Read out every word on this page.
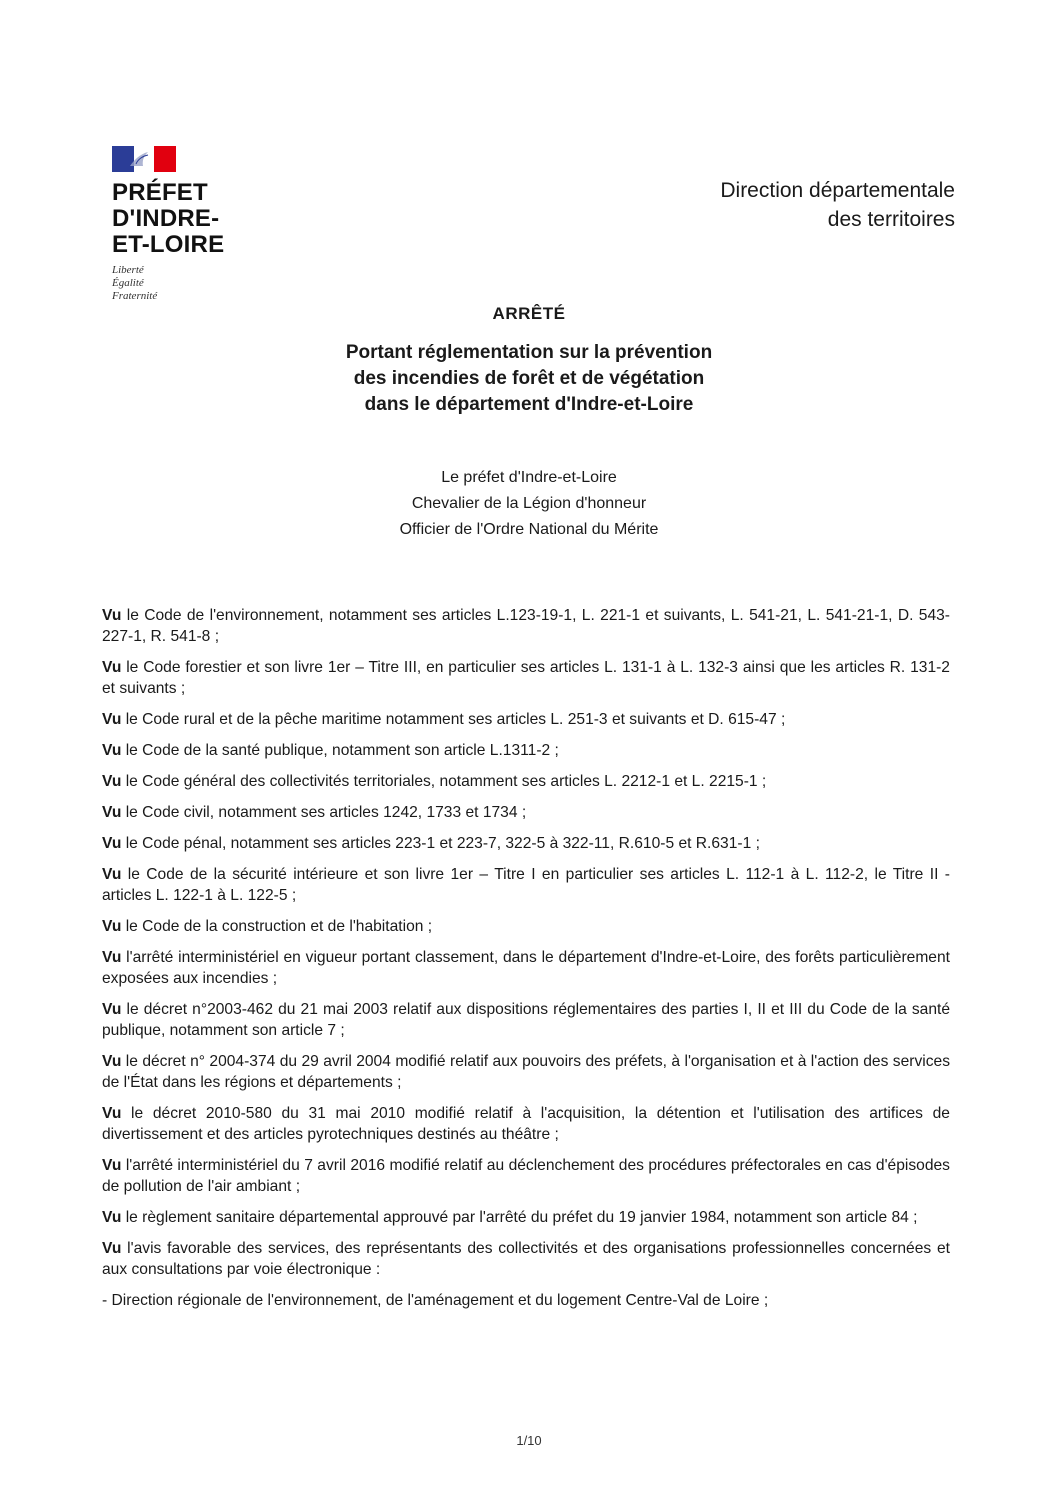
PRÉFET
D'INDRE-
ET-LOIRE
Liberté
Égalité
Fraternité
Direction départementale
des territoires
ARRÊTÉ
Portant réglementation sur la prévention
des incendies de forêt et de végétation
dans le département d'Indre-et-Loire
Le préfet d'Indre-et-Loire
Chevalier de la Légion d'honneur
Officier de l'Ordre National du Mérite

Vu le Code de l'environnement, notamment ses articles L.123-19-1, L. 221-1 et suivants, L. 541-21, L. 541-21-1, D. 543-227-1, R. 541-8 ;

Vu le Code forestier et son livre 1er – Titre III, en particulier ses articles L. 131-1 à L. 132-3 ainsi que les articles R. 131-2 et suivants ;

Vu le Code rural et de la pêche maritime notamment ses articles L. 251-3 et suivants et D. 615-47 ;

Vu le Code de la santé publique, notamment son article L.1311-2 ;

Vu le Code général des collectivités territoriales, notamment ses articles L. 2212-1 et L. 2215-1 ;

Vu le Code civil, notamment ses articles 1242, 1733 et 1734 ;

Vu le Code pénal, notamment ses articles 223-1 et 223-7, 322-5 à 322-11, R.610-5 et R.631-1 ;

Vu le Code de la sécurité intérieure et son livre 1er – Titre I en particulier ses articles L. 112-1 à L. 112-2, le Titre II - articles L. 122-1 à L. 122-5 ;

Vu le Code de la construction et de l'habitation ;

Vu l'arrêté interministériel en vigueur portant classement, dans le département d'Indre-et-Loire, des forêts particulièrement exposées aux incendies ;

Vu le décret n°2003-462 du 21 mai 2003 relatif aux dispositions réglementaires des parties I, II et III du Code de la santé publique, notamment son article 7 ;

Vu le décret n° 2004-374 du 29 avril 2004 modifié relatif aux pouvoirs des préfets, à l'organisation et à l'action des services de l'État dans les régions et départements ;

Vu le décret 2010-580 du 31 mai 2010 modifié relatif à l'acquisition, la détention et l'utilisation des artifices de divertissement et des articles pyrotechniques destinés au théâtre ;

Vu l'arrêté interministériel du 7 avril 2016 modifié relatif au déclenchement des procédures préfectorales en cas d'épisodes de pollution de l'air ambiant ;

Vu le règlement sanitaire départemental approuvé par l'arrêté du préfet du 19 janvier 1984, notamment son article 84 ;

Vu l'avis favorable des services, des représentants des collectivités et des organisations professionnelles concernées et aux consultations par voie électronique :

- Direction régionale de l'environnement, de l'aménagement et du logement Centre-Val de Loire ;

1/10
